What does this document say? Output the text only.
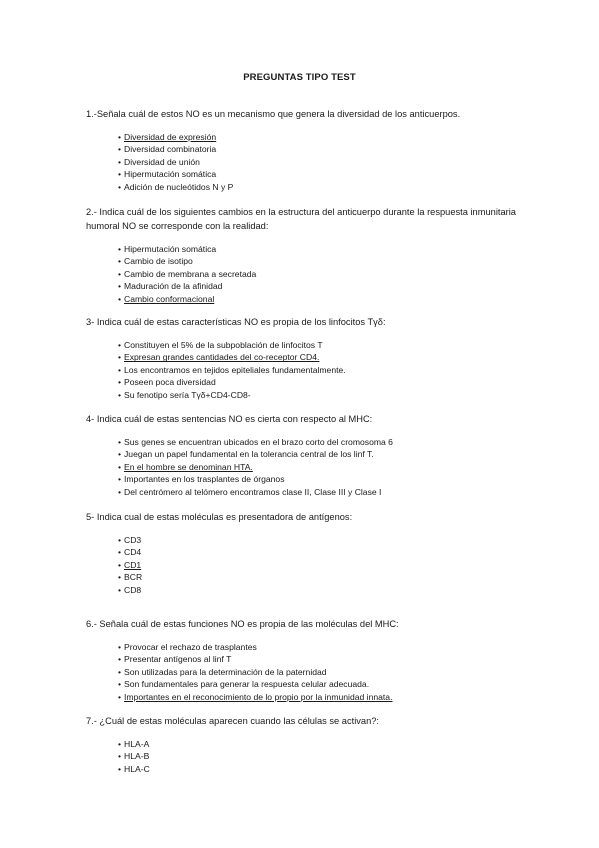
PREGUNTAS TIPO TEST

1.-Señala cuál de estos NO es un mecanismo que genera la diversidad de los anticuerpos.

• Diversidad de expresión
• Diversidad combinatoria
• Diversidad de unión
• Hipermutación somática
• Adición de nucleótidos N y P

2.- Indica cuál de los siguientes cambios en la estructura del anticuerpo durante la respuesta inmunitaria humoral NO se corresponde con la realidad:

• Hipermutación somática
• Cambio de isotipo
• Cambio de membrana a secretada
• Maduración de la afinidad
• Cambio conformacional

3- Indica cuál de estas características NO es propia de los linfocitos Tγδ:

• Constituyen el 5% de la subpoblación de linfocitos T
• Expresan grandes cantidades del co-receptor CD4.
• Los encontramos en tejidos epiteliales fundamentalmente.
• Poseen poca diversidad
• Su fenotipo sería Tγδ+CD4-CD8-

4- Indica cuál de estas sentencias NO es cierta con respecto al MHC:

• Sus genes se encuentran ubicados en el brazo corto del cromosoma 6
• Juegan un papel fundamental en la tolerancia central de los linf T.
• En el hombre se denominan HTA.
• Importantes en los trasplantes de órganos
• Del centrómero al telómero encontramos clase II, Clase III y Clase I

5- Indica cual de estas moléculas es presentadora de antígenos:

• CD3
• CD4
• CD1
• BCR
• CD8

6.- Señala cuál de estas funciones NO es propia de las moléculas del MHC:

• Provocar el rechazo de trasplantes
• Presentar antígenos al linf T
• Son utilizadas para la determinación de la paternidad
• Son fundamentales para generar la respuesta celular adecuada.
• Importantes en el reconocimiento de lo propio por la inmunidad innata.

7.- ¿Cuál de estas moléculas aparecen cuando las células se activan?:

• HLA-A
• HLA-B
• HLA-C
